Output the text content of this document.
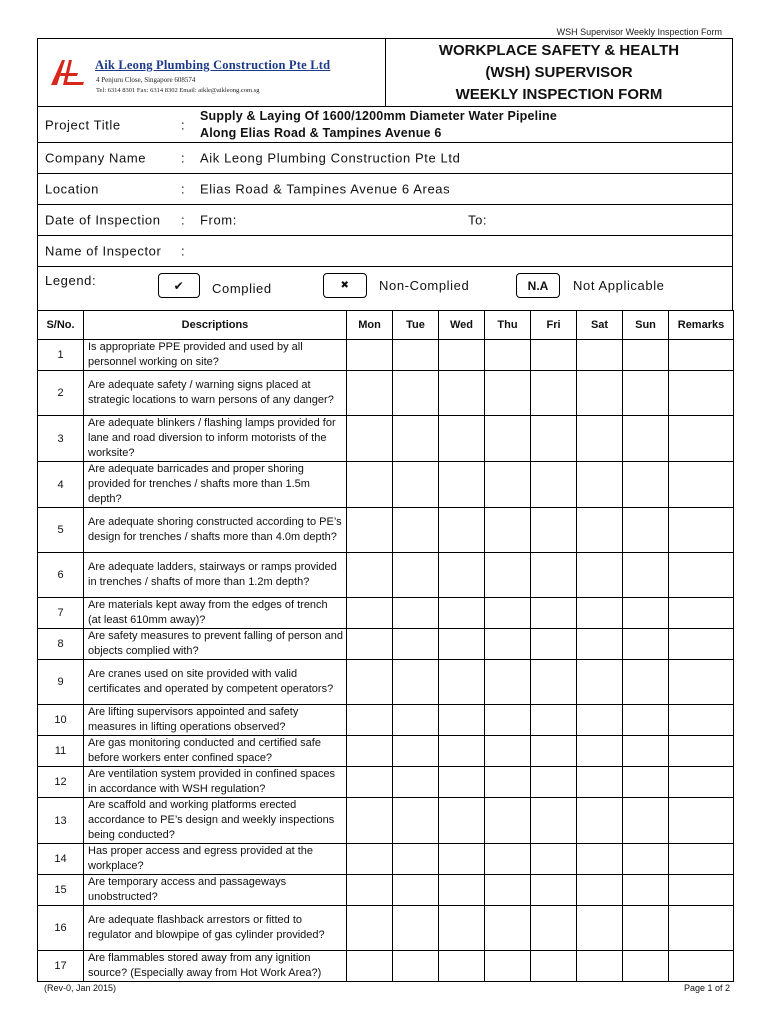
WSH Supervisor Weekly Inspection Form
Aik Leong Plumbing Construction Pte Ltd
4 Penjuru Close, Singapore 608574
Tel: 6314 8301 Fax: 6314 8302 Email: aikle@aikleong.com.sg
WORKPLACE SAFETY & HEALTH
(WSH) SUPERVISOR
WEEKLY INSPECTION FORM
Project Title	:
Supply & Laying Of 1600/1200mm Diameter Water Pipeline
Along Elias Road & Tampines Avenue 6
Company Name	: Aik Leong Plumbing Construction Pte Ltd
Location	: Elias Road & Tampines Avenue 6 Areas
Date of Inspection : From:	To:
Name of Inspector :
Legend:	✔	Complied	✖	Non-Complied	N.A	Not Applicable
S/No.	Descriptions	Mon	Tue	Wed	Thu	Fri	Sat	Sun	Remarks
1	Is appropriate PPE provided and used by all personnel working on site?								
2	Are adequate safety / warning signs placed at strategic locations to warn persons of any danger?								
3	Are adequate blinkers / flashing lamps provided for lane and road diversion to inform motorists of the worksite?								
4	Are adequate barricades and proper shoring provided for trenches / shafts more than 1.5m depth?								
5	Are adequate shoring constructed according to PE’s design for trenches / shafts more than 4.0m depth?								
6	Are adequate ladders, stairways or ramps provided in trenches / shafts of more than 1.2m depth?								
7	Are materials kept away from the edges of trench (at least 610mm away)?								
8	Are safety measures to prevent falling of person and objects complied with?								
9	Are cranes used on site provided with valid certificates and operated by competent operators?								
10	Are lifting supervisors appointed and safety measures in lifting operations observed?								
11	Are gas monitoring conducted and certified safe before workers enter confined space?								
12	Are ventilation system provided in confined spaces in accordance with WSH regulation?								
13	Are scaffold and working platforms erected accordance to PE’s design and weekly inspections being conducted?								
14	Has proper access and egress provided at the workplace?								
15	Are temporary access and passageways unobstructed?								
16	Are adequate flashback arrestors or fitted to regulator and blowpipe of gas cylinder provided?								
17	Are flammables stored away from any ignition source? (Especially away from Hot Work Area?)								
(Rev-0, Jan 2015)	Page 1 of 2
